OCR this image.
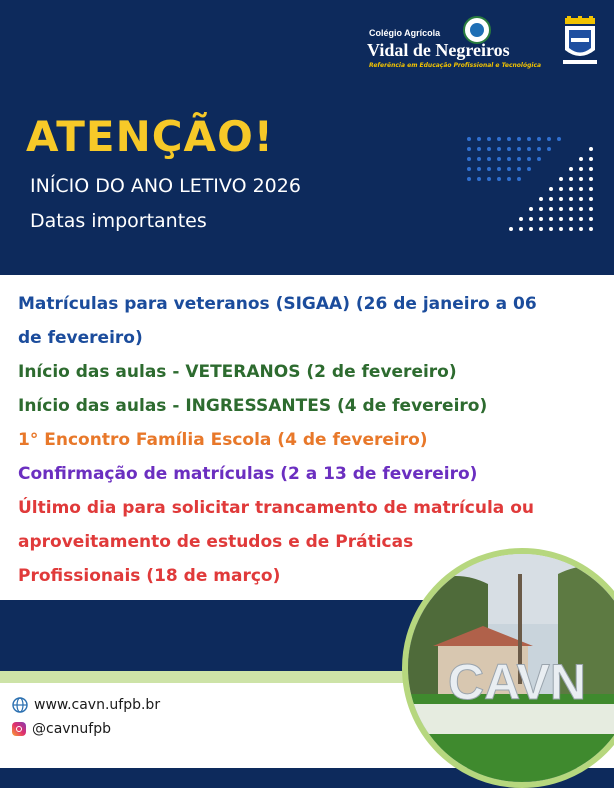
Colégio Agrícola
Vidal de Negreiros
Referência em Educação Profissional e Tecnológica
ATENÇÃO!
INÍCIO DO ANO LETIVO 2026
Datas importantes
Matrículas para veteranos (SIGAA) (26 de janeiro a 06
de fevereiro)
Início das aulas - VETERANOS (2 de fevereiro)
Início das aulas - INGRESSANTES (4 de fevereiro)
1° Encontro Família Escola (4 de fevereiro)
Confirmação de matrículas (2 a 13 de fevereiro)
Último dia para solicitar trancamento de matrícula ou
aproveitamento de estudos e de Práticas
Profissionais (18 de março)
www.cavn.ufpb.br
@cavnufpb
CAVN
